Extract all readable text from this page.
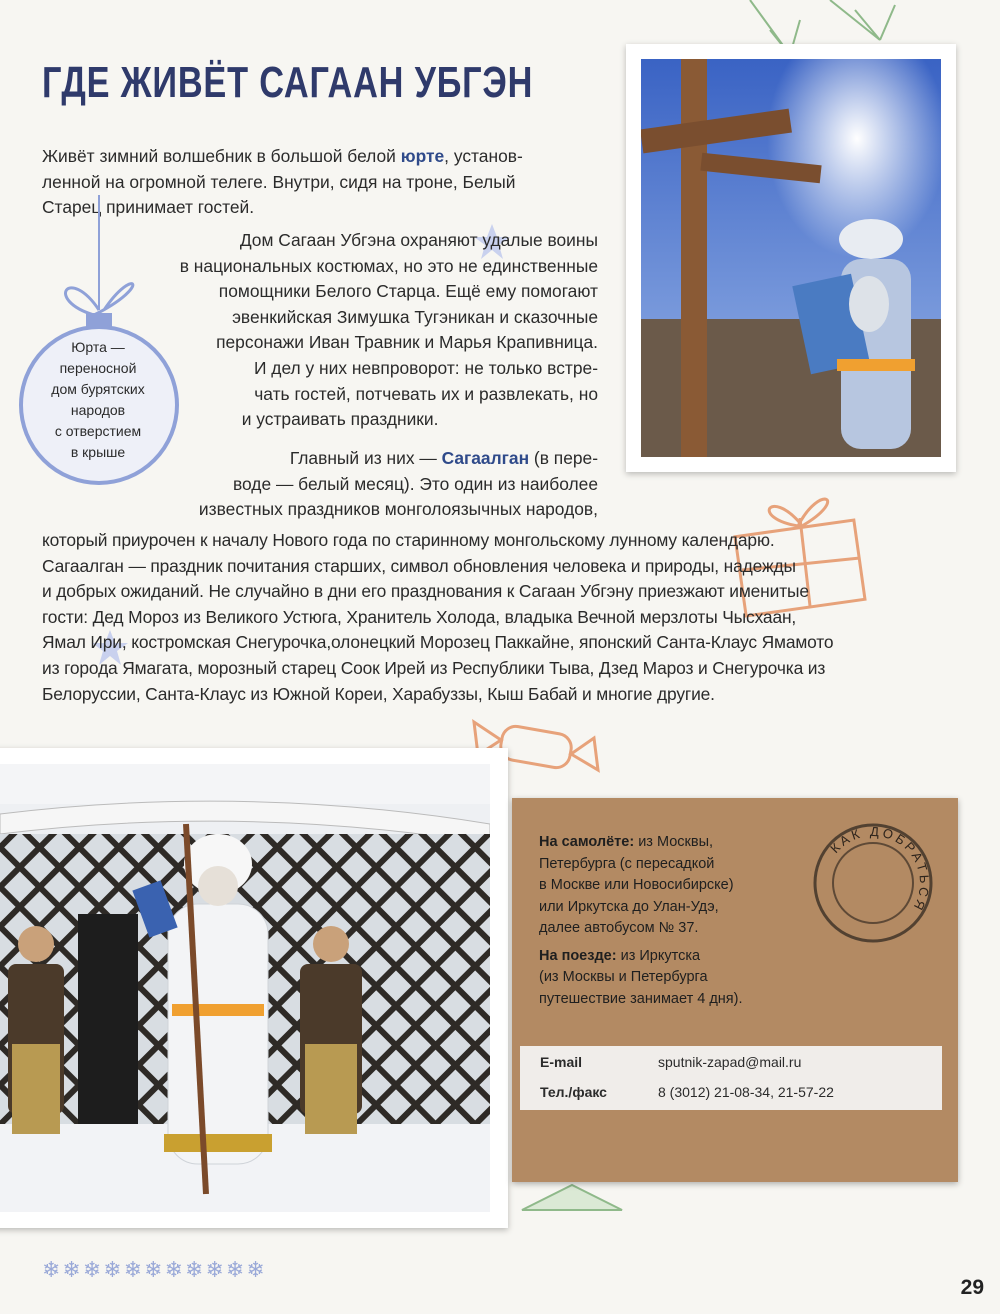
ГДЕ ЖИВЁТ САГААН УБГЭН
Живёт зимний волшебник в большой белой юрте, установ-
ленной на огромной телеге. Внутри, сидя на троне, Белый
Старец принимает гостей.
Юрта —
переносной
дом бурятских
народов
с отверстием
в крыше
Дом Сагаан Убгэна охраняют удалые воины
в национальных костюмах, но это не единственные
помощники Белого Старца. Ещё ему помогают
эвенкийская Зимушка Тугэникан и сказочные
персонажи Иван Травник и Марья Крапивница.
И дел у них невпроворот: не только встре-
чать гостей, потчевать их и развлекать, но
и устраивать праздники.
Главный из них — Сагаалган (в пере-
воде — белый месяц). Это один из наиболее
известных праздников монголоязычных народов,
который приурочен к началу Нового года по старинному монгольскому лунному календарю.
Сагаалган — праздник почитания старших, символ обновления человека и природы, надежды
и добрых ожиданий. Не случайно в дни его празднования к Сагаан Убгэну приезжают именитые
гости: Дед Мороз из Великого Устюга, Хранитель Холода, владыка Вечной мерзлоты Чысхаан,
Ямал Ири, костромская Снегурочка,олонецкий Морозец Паккайне, японский Санта-Клаус Ямамото
из города Ямагата, морозный старец Соок Ирей из Республики Тыва, Дзед Мароз и Снегурочка из
Белоруссии, Санта-Клаус из Южной Кореи, Харабуззы, Кыш Бабай и многие другие.
На самолёте: из Москвы,
Петербурга (с пересадкой
в Москве или Новосибирске)
или Иркутска до Улан-Удэ,
далее автобусом № 37.
На поезде: из Иркутска
(из Москвы и Петербурга
путешествие занимает 4 дня).
КАК ДОБРАТЬСЯ
E-mail	sputnik-zapad@mail.ru
Тел./факс	8 (3012) 21-08-34, 21-57-22
❄❄❄❄❄❄❄❄❄❄❄
29
